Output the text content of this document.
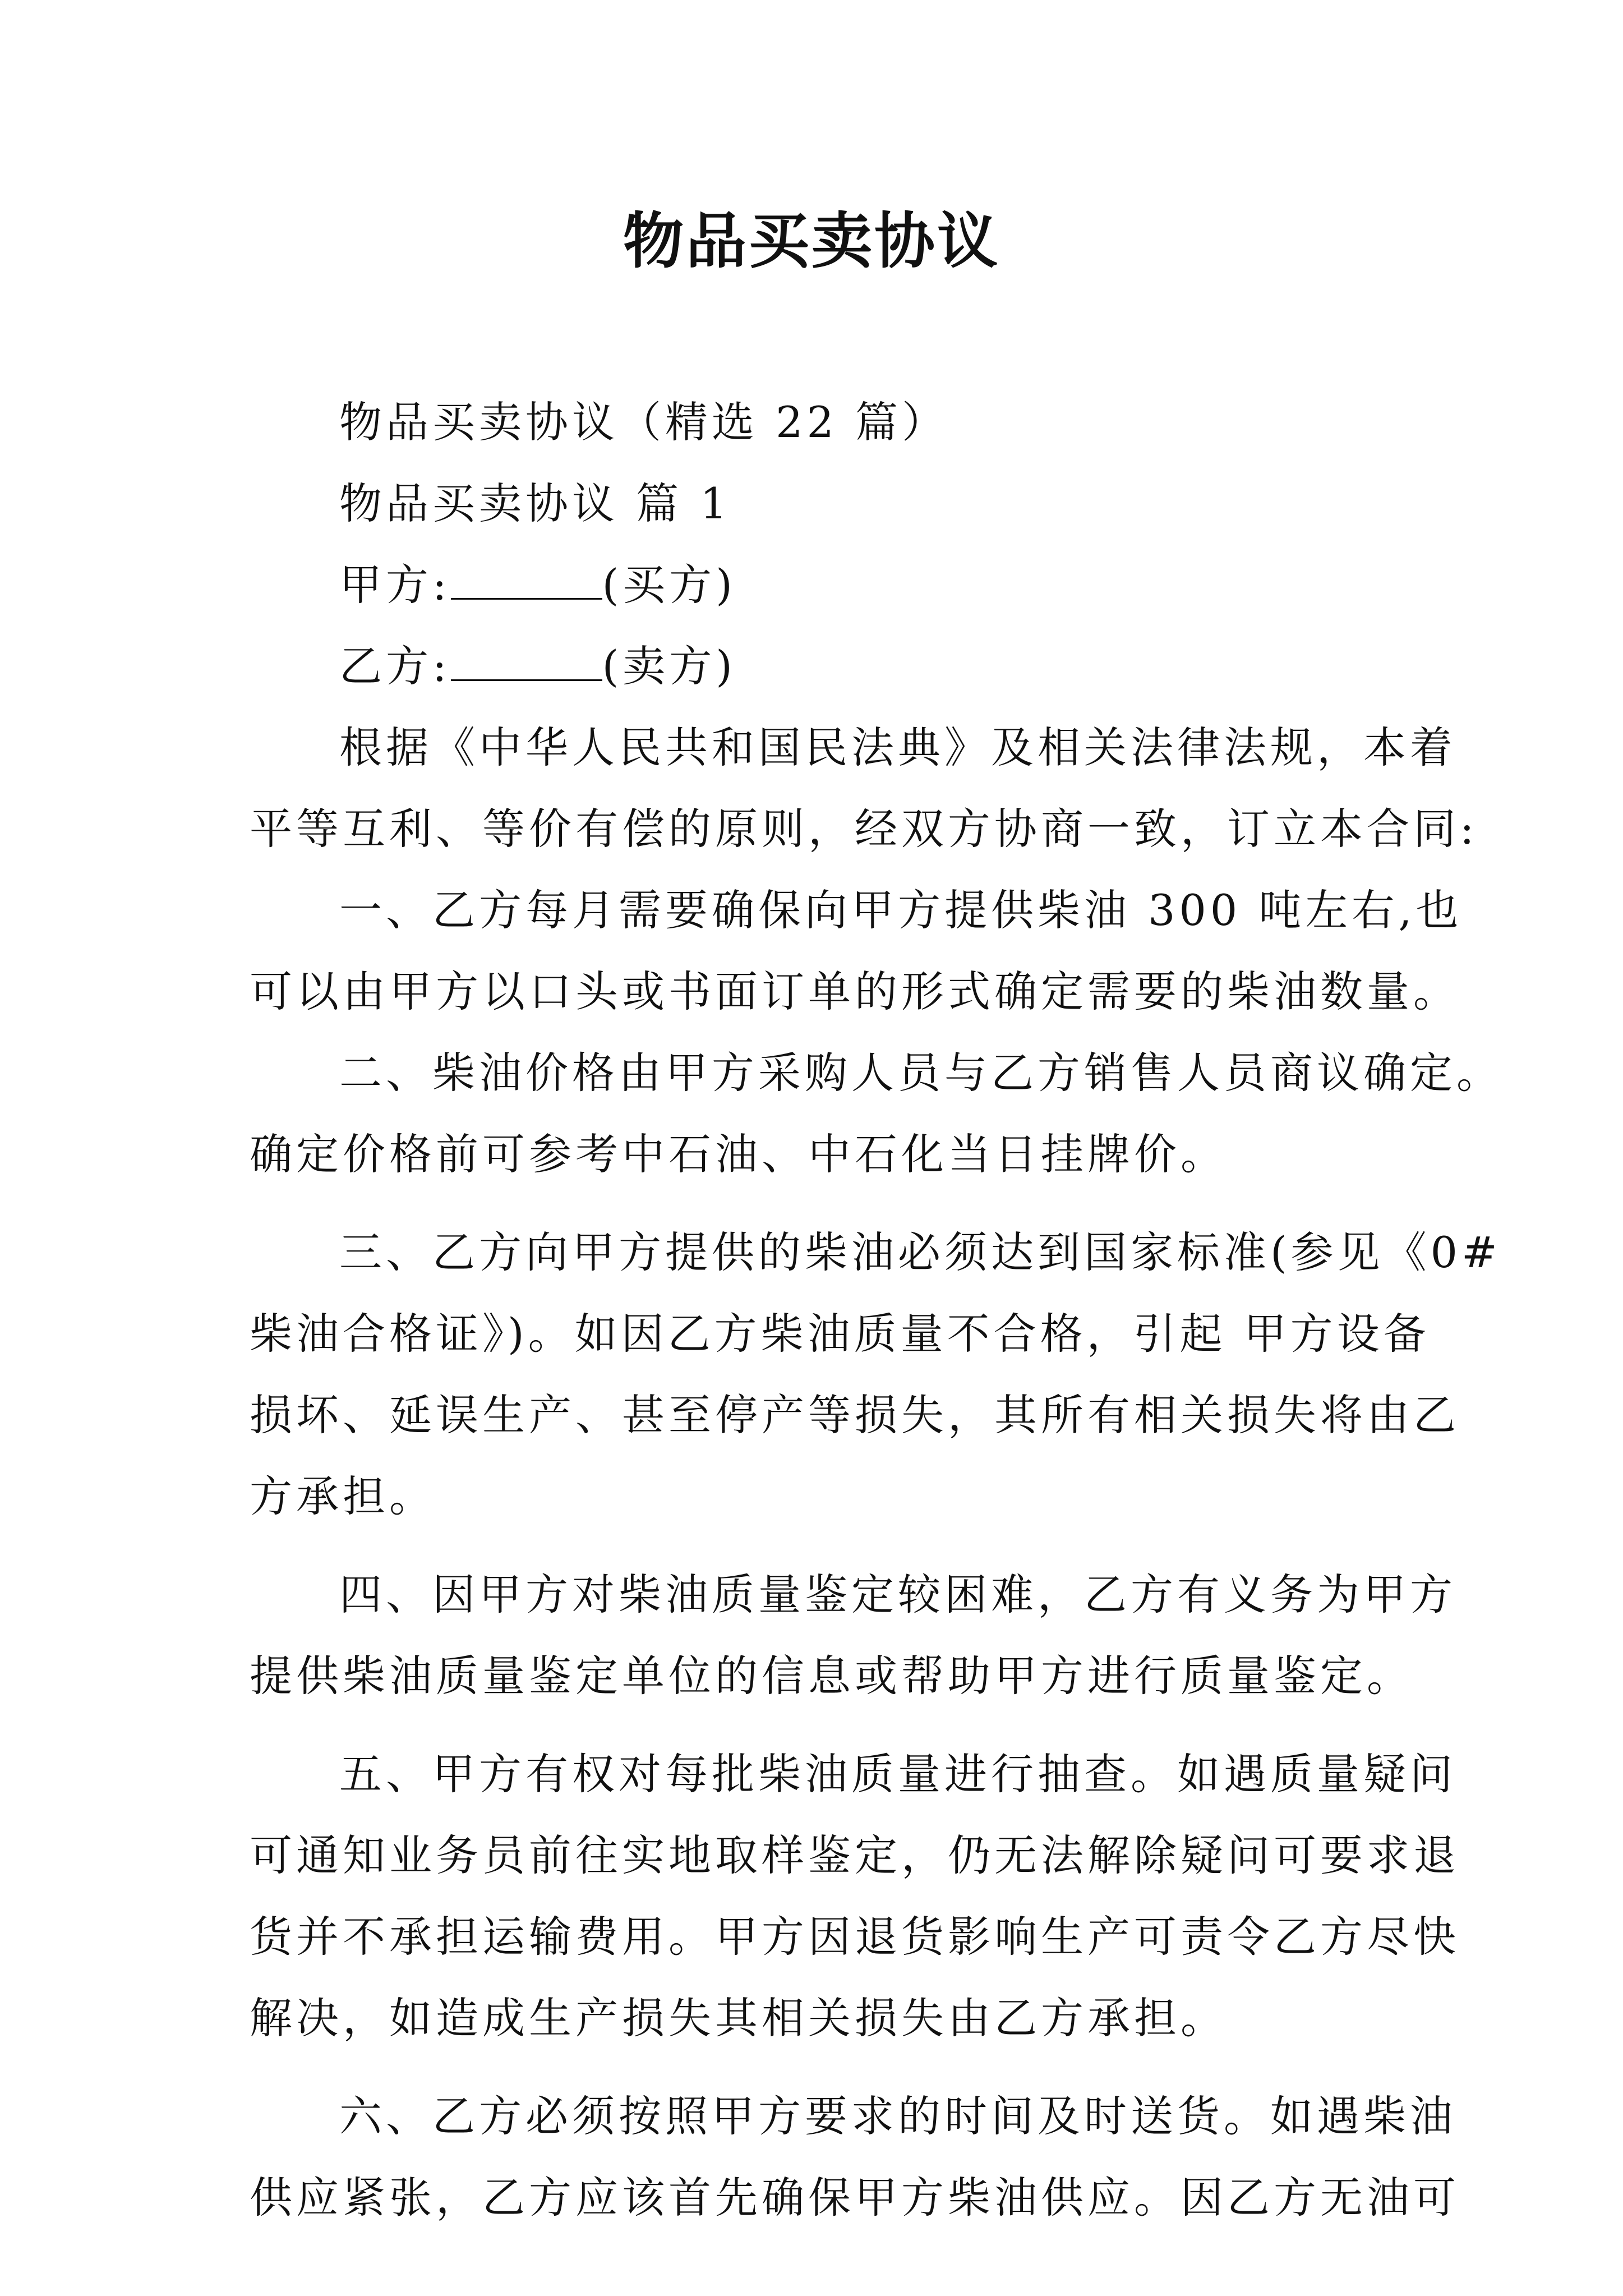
物品买卖协议

物品买卖协议（精选 22 篇）

物品买卖协议 篇 1

甲方:	(买方)

乙方:	(卖方)

根据《中华人民共和国民法典》及相关法律法规，本着

平等互利、等价有偿的原则，经双方协商一致，订立本合同:

一、乙方每月需要确保向甲方提供柴油 300 吨左右,也

可以由甲方以口头或书面订单的形式确定需要的柴油数量。

二、柴油价格由甲方采购人员与乙方销售人员商议确定。

确定价格前可参考中石油、中石化当日挂牌价。

三、乙方向甲方提供的柴油必须达到国家标准(参见《0#

柴油合格证》)。如因乙方柴油质量不合格，引起 甲方设备

损坏、延误生产、甚至停产等损失，其所有相关损失将由乙

方承担。

四、因甲方对柴油质量鉴定较困难，乙方有义务为甲方

提供柴油质量鉴定单位的信息或帮助甲方进行质量鉴定。

五、甲方有权对每批柴油质量进行抽查。如遇质量疑问

可通知业务员前往实地取样鉴定，仍无法解除疑问可要求退

货并不承担运输费用。甲方因退货影响生产可责令乙方尽快

解决，如造成生产损失其相关损失由乙方承担。

六、乙方必须按照甲方要求的时间及时送货。如遇柴油

供应紧张，乙方应该首先确保甲方柴油供应。因乙方无油可
